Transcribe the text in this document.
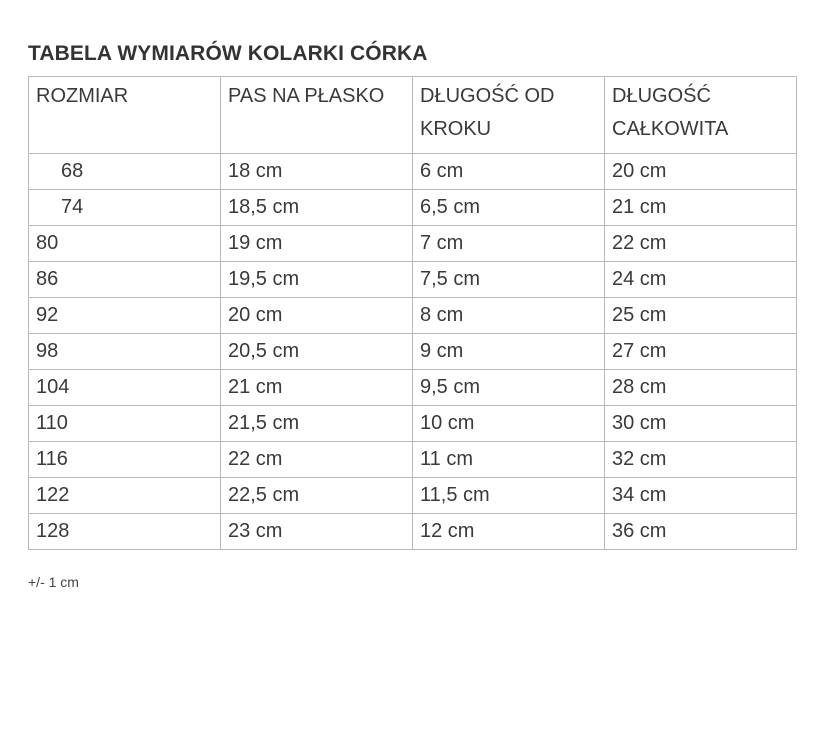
TABELA WYMIARÓW KOLARKI CÓRKA
ROZMIAR	PAS NA PŁASKO	DŁUGOŚĆ OD KROKU	DŁUGOŚĆ CAŁKOWITA
68	18 cm	6 cm	20 cm
74	18,5 cm	6,5 cm	21 cm
80	19 cm	7 cm	22 cm
86	19,5 cm	7,5 cm	24 cm
92	20 cm	8 cm	25 cm
98	20,5 cm	9 cm	27 cm
104	21 cm	9,5 cm	28 cm
110	21,5 cm	10 cm	30 cm
116	22 cm	11 cm	32 cm
122	22,5 cm	11,5 cm	34 cm
128	23 cm	12 cm	36 cm
+/- 1 cm
